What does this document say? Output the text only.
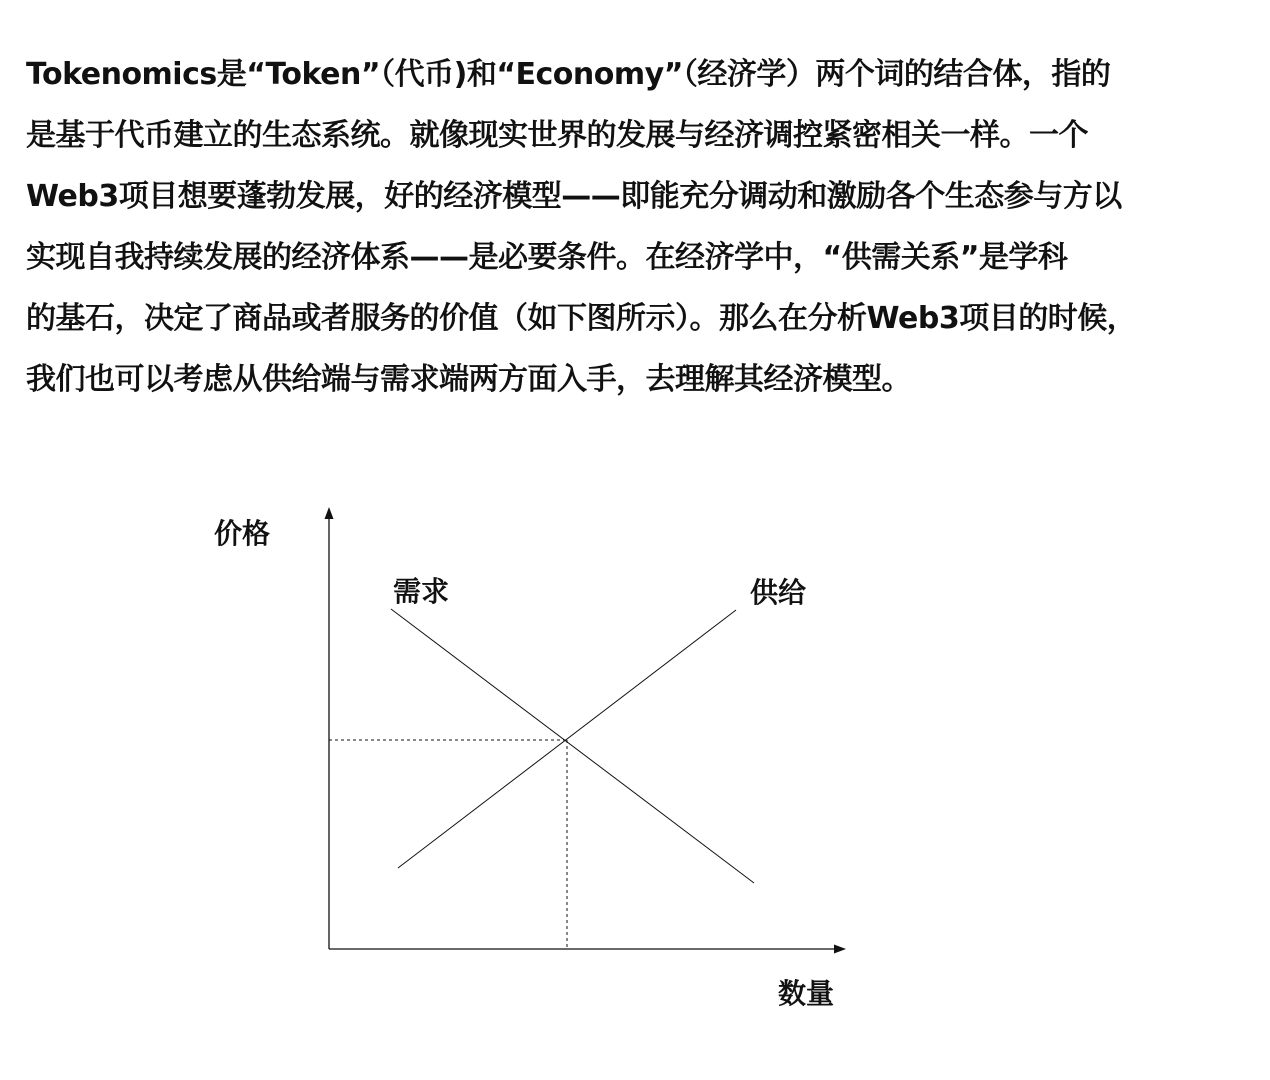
Tokenomics是“Token”（代币)和“Economy”（经济学）两个词的结合体，指的
是基于代币建立的生态系统。就像现实世界的发展与经济调控紧密相关一样。一个
Web3项目想要蓬勃发展，好的经济模型——即能充分调动和激励各个生态参与方以
实现自我持续发展的经济体系——是必要条件。在经济学中，“供需关系”是学科
的基石，决定了商品或者服务的价值（如下图所示）。那么在分析Web3项目的时候，
我们也可以考虑从供给端与需求端两方面入手，去理解其经济模型。
价格
需求	供给
数量
